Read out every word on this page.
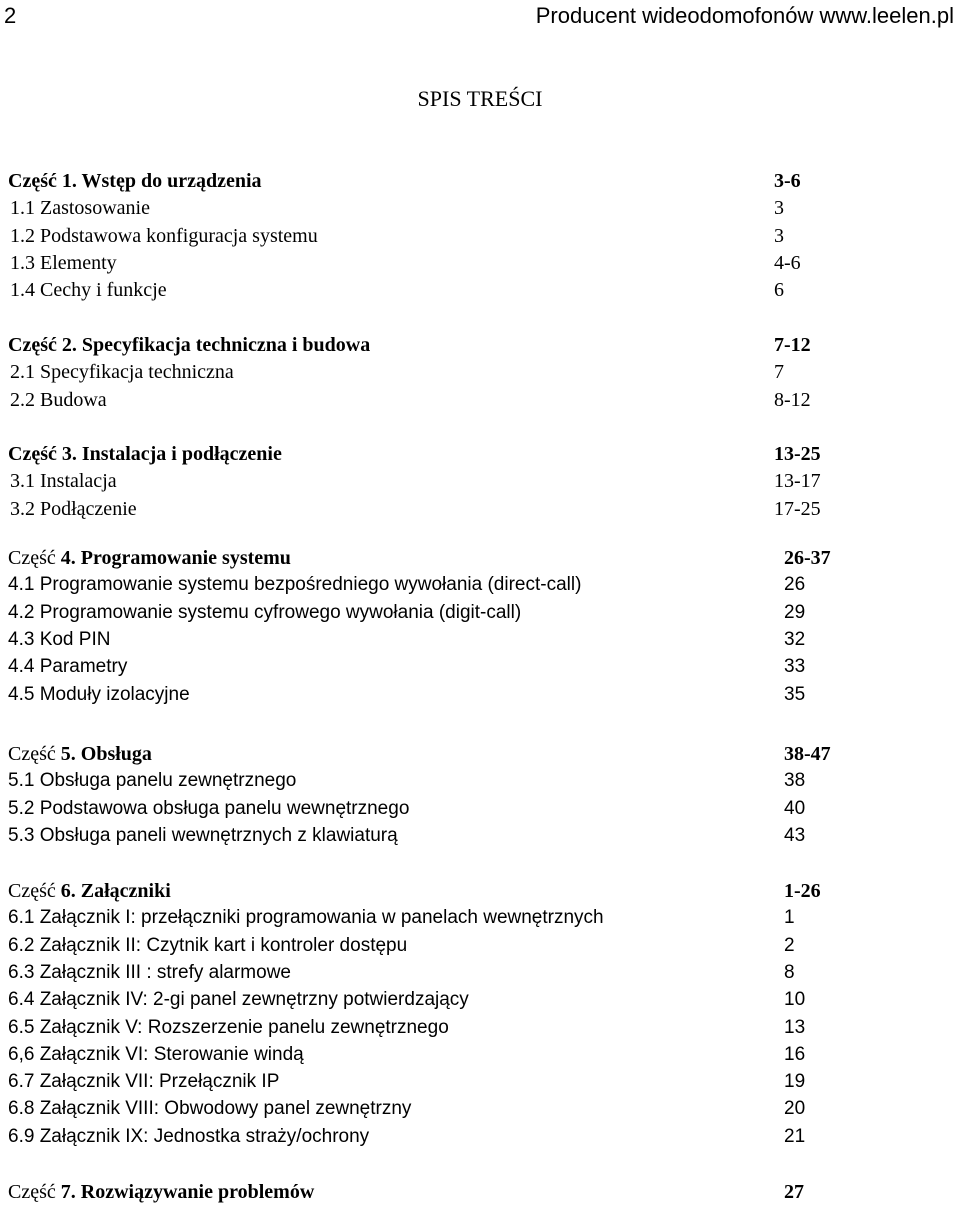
2	Producent wideodomofonów www.leelen.pl
SPIS TREŚCI
Część 1. Wstęp do urządzenia	3-6
1.1 Zastosowanie	3
1.2 Podstawowa konfiguracja systemu	3
1.3 Elementy	4-6
1.4 Cechy i funkcje	6
Część 2. Specyfikacja techniczna i budowa	7-12
2.1 Specyfikacja techniczna	7
2.2 Budowa	8-12
Część 3. Instalacja i podłączenie	13-25
3.1 Instalacja	13-17
3.2 Podłączenie	17-25
Część 4. Programowanie systemu	26-37
4.1 Programowanie systemu bezpośredniego wywołania (direct-call)	26
4.2 Programowanie systemu cyfrowego wywołania (digit-call)	29
4.3 Kod PIN	32
4.4 Parametry	33
4.5 Moduły izolacyjne	35
Część 5. Obsługa	38-47
5.1 Obsługa panelu zewnętrznego	38
5.2 Podstawowa obsługa panelu wewnętrznego	40
5.3 Obsługa paneli wewnętrznych z klawiaturą	43
Część 6. Załączniki	1-26
6.1 Załącznik I: przełączniki programowania w panelach wewnętrznych	1
6.2 Załącznik II: Czytnik kart i kontroler dostępu	2
6.3 Załącznik III : strefy alarmowe	8
6.4 Załącznik IV: 2-gi panel zewnętrzny potwierdzający	10
6.5 Załącznik V: Rozszerzenie panelu zewnętrznego	13
6,6 Załącznik VI: Sterowanie windą	16
6.7 Załącznik VII: Przełącznik IP	19
6.8 Załącznik VIII: Obwodowy panel zewnętrzny	20
6.9 Załącznik IX: Jednostka straży/ochrony	21
Część 7. Rozwiązywanie problemów	27
